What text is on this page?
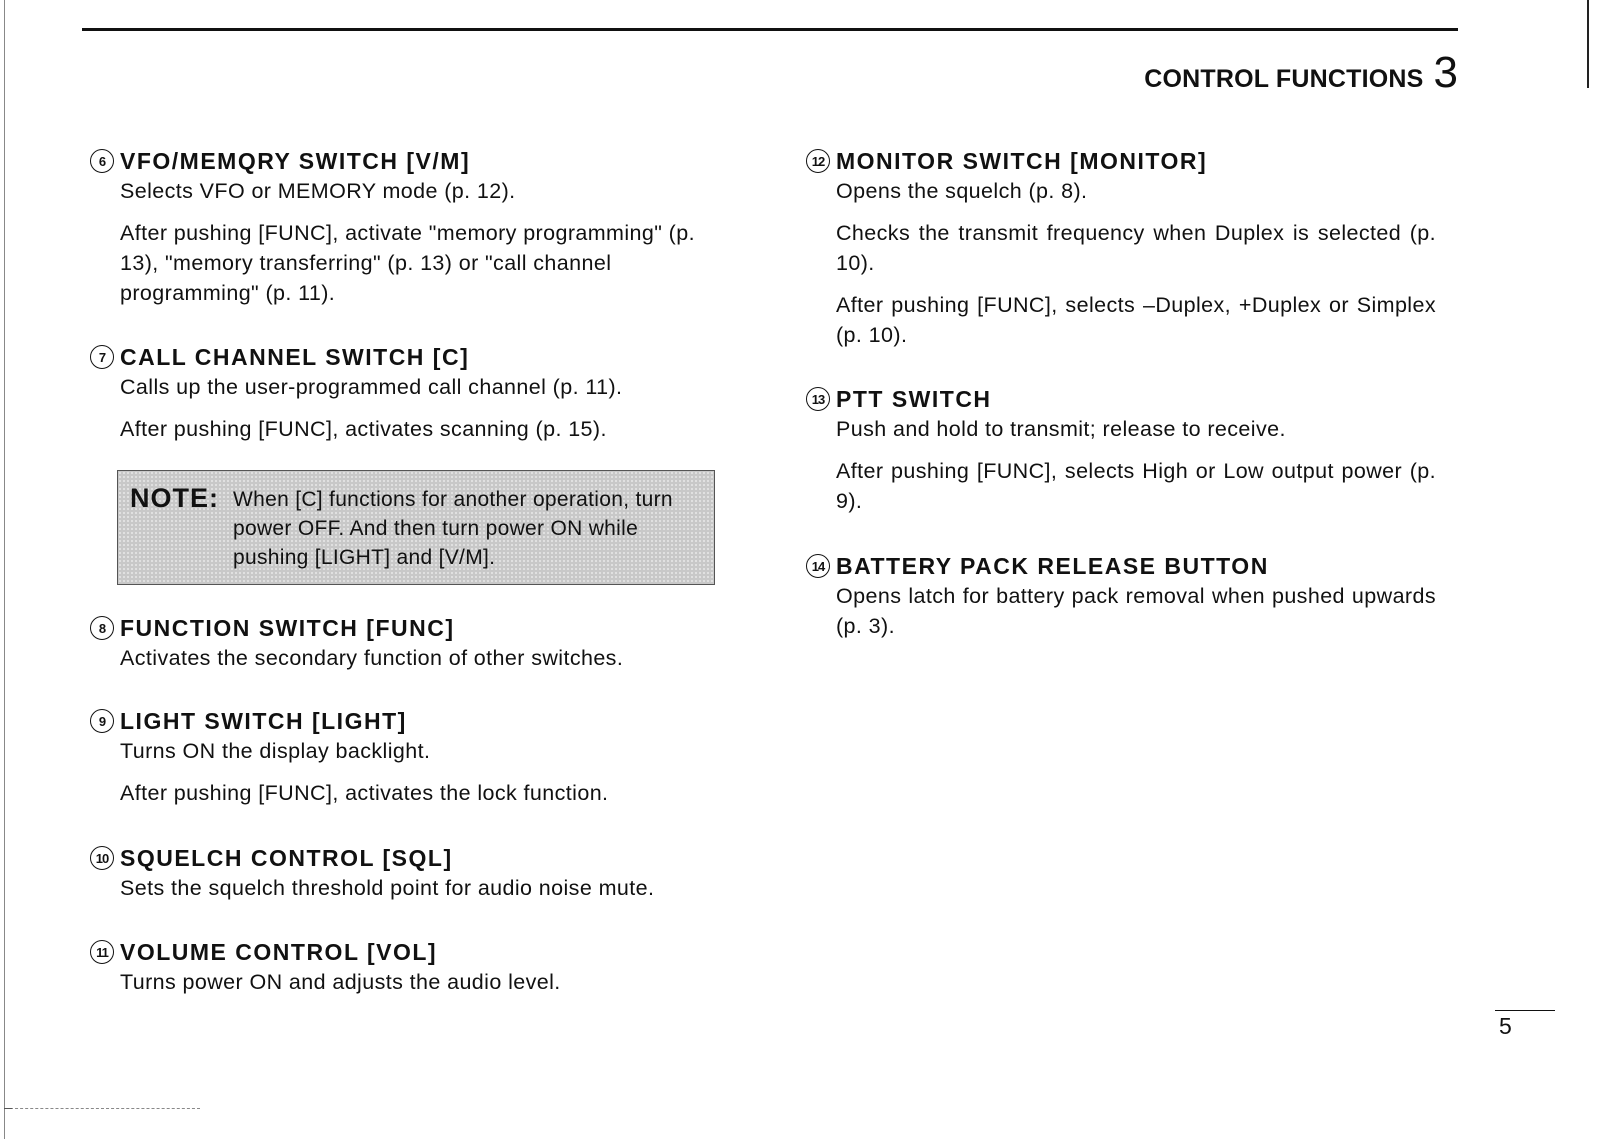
CONTROL FUNCTIONS 3
6 VFO/MEMQRY SWITCH [V/M]

Selects VFO or MEMORY mode (p. 12).

After pushing [FUNC], activate "memory programming" (p. 13), "memory transferring" (p. 13) or "call channel programming" (p. 11).

7 CALL CHANNEL SWITCH [C]

Calls up the user-programmed call channel (p. 11).

After pushing [FUNC], activates scanning (p. 15).

NOTE: When [C] functions for another operation, turn power OFF. And then turn power ON while pushing [LIGHT] and [V/M].
8 FUNCTION SWITCH [FUNC]

Activates the secondary function of other switches.

9 LIGHT SWITCH [LIGHT]

Turns ON the display backlight.

After pushing [FUNC], activates the lock function.

10 SQUELCH CONTROL [SQL]

Sets the squelch threshold point for audio noise mute.

11 VOLUME CONTROL [VOL]

Turns power ON and adjusts the audio level.

12 MONITOR SWITCH [MONITOR]

Opens the squelch (p. 8).

Checks the transmit frequency when Duplex is selected (p. 10).

After pushing [FUNC], selects –Duplex, +Duplex or Simplex (p. 10).

13 PTT SWITCH

Push and hold to transmit; release to receive.

After pushing [FUNC], selects High or Low output power (p. 9).

14 BATTERY PACK RELEASE BUTTON

Opens latch for battery pack removal when pushed upwards (p. 3).

5
